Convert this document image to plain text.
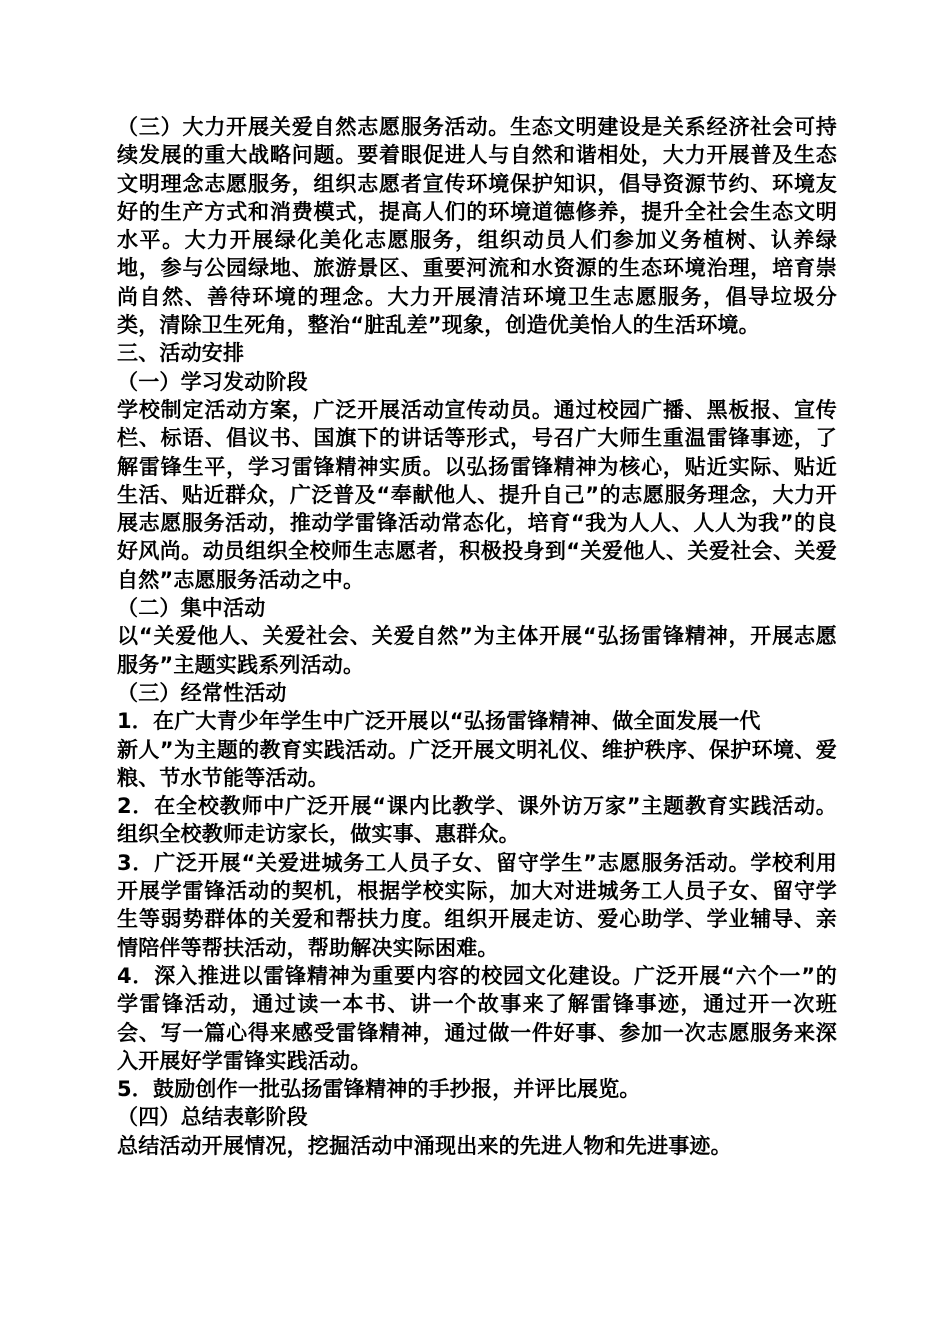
（三）大力开展关爱自然志愿服务活动。生态文明建设是关系经济社会可持续发展的重大战略问题。要着眼促进人与自然和谐相处，大力开展普及生态文明理念志愿服务，组织志愿者宣传环境保护知识，倡导资源节约、环境友好的生产方式和消费模式，提高人们的环境道德修养，提升全社会生态文明水平。大力开展绿化美化志愿服务，组织动员人们参加义务植树、认养绿地，参与公园绿地、旅游景区、重要河流和水资源的生态环境治理，培育崇尚自然、善待环境的理念。大力开展清洁环境卫生志愿服务，倡导垃圾分类，清除卫生死角，整治“脏乱差”现象，创造优美怡人的生活环境。

三、活动安排

（一）学习发动阶段

学校制定活动方案，广泛开展活动宣传动员。通过校园广播、黑板报、宣传栏、标语、倡议书、国旗下的讲话等形式，号召广大师生重温雷锋事迹，了解雷锋生平，学习雷锋精神实质。以弘扬雷锋精神为核心，贴近实际、贴近生活、贴近群众，广泛普及“奉献他人、提升自己”的志愿服务理念，大力开展志愿服务活动，推动学雷锋活动常态化，培育“我为人人、人人为我”的良好风尚。动员组织全校师生志愿者，积极投身到“关爱他人、关爱社会、关爱自然”志愿服务活动之中。

（二）集中活动

以“关爱他人、关爱社会、关爱自然”为主体开展“弘扬雷锋精神，开展志愿服务”主题实践系列活动。

（三）经常性活动

1．在广大青少年学生中广泛开展以“弘扬雷锋精神、做全面发展一代

新人”为主题的教育实践活动。广泛开展文明礼仪、维护秩序、保护环境、爱粮、节水节能等活动。

2．在全校教师中广泛开展“课内比教学、课外访万家”主题教育实践活动。组织全校教师走访家长，做实事、惠群众。

3．广泛开展“关爱进城务工人员子女、留守学生”志愿服务活动。学校利用开展学雷锋活动的契机，根据学校实际，加大对进城务工人员子女、留守学生等弱势群体的关爱和帮扶力度。组织开展走访、爱心助学、学业辅导、亲情陪伴等帮扶活动，帮助解决实际困难。

4．深入推进以雷锋精神为重要内容的校园文化建设。广泛开展“六个一”的学雷锋活动，通过读一本书、讲一个故事来了解雷锋事迹，通过开一次班会、写一篇心得来感受雷锋精神，通过做一件好事、参加一次志愿服务来深入开展好学雷锋实践活动。

5．鼓励创作一批弘扬雷锋精神的手抄报，并评比展览。

（四）总结表彰阶段

总结活动开展情况，挖掘活动中涌现出来的先进人物和先进事迹。
